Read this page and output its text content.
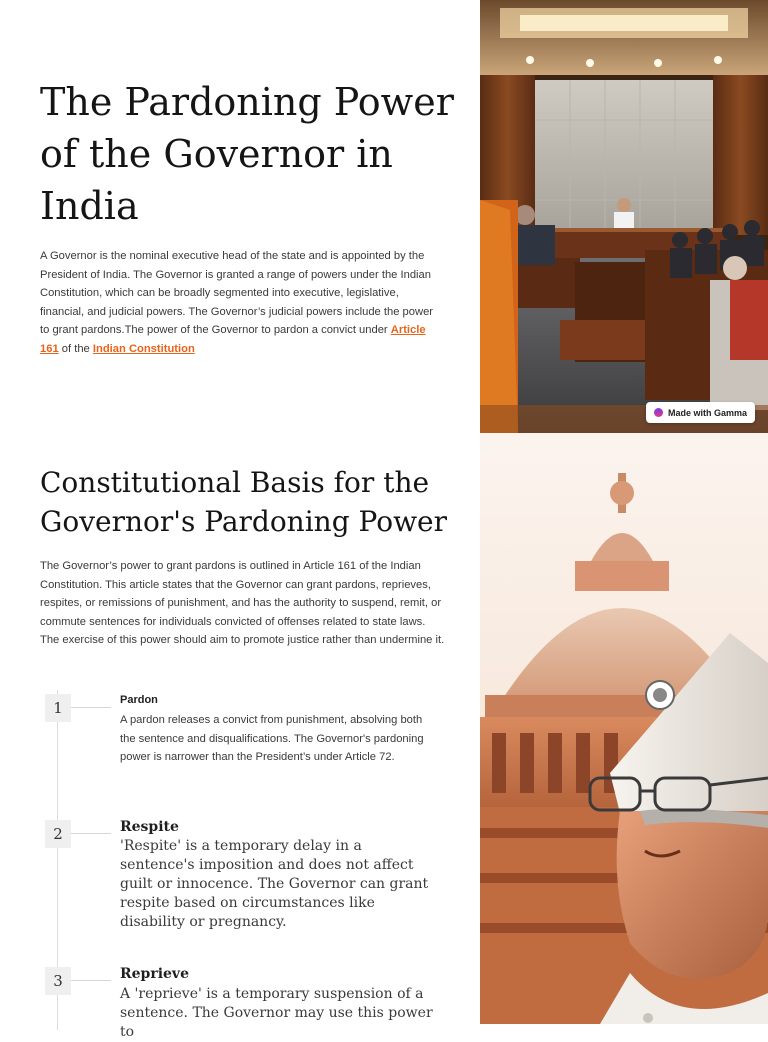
The Pardoning Power of the Governor in India

A Governor is the nominal executive head of the state and is appointed by the President of India. The Governor is granted a range of powers under the Indian Constitution, which can be broadly segmented into executive, legislative, financial, and judicial powers. The Governor’s judicial powers include the power to grant pardons.The power of the Governor to pardon a convict under Article 161 of the Indian Constitution

Made with Gamma
Constitutional Basis for the Governor's Pardoning Power

The Governor’s power to grant pardons is outlined in Article 161 of the Indian Constitution. This article states that the Governor can grant pardons, reprieves, respites, or remissions of punishment, and has the authority to suspend, remit, or commute sentences for individuals convicted of offenses related to state laws. The exercise of this power should aim to promote justice rather than undermine it.

1	Pardon

A pardon releases a convict from punishment, absolving both the sentence and disqualifications. The Governor's pardoning power is narrower than the President’s under Article 72.

2	Respite

'Respite' is a temporary delay in a sentence's imposition and does not affect guilt or innocence. The Governor can grant respite based on circumstances like disability or pregnancy.

3	Reprieve

A 'reprieve' is a temporary suspension of a sentence. The Governor may use this power to
